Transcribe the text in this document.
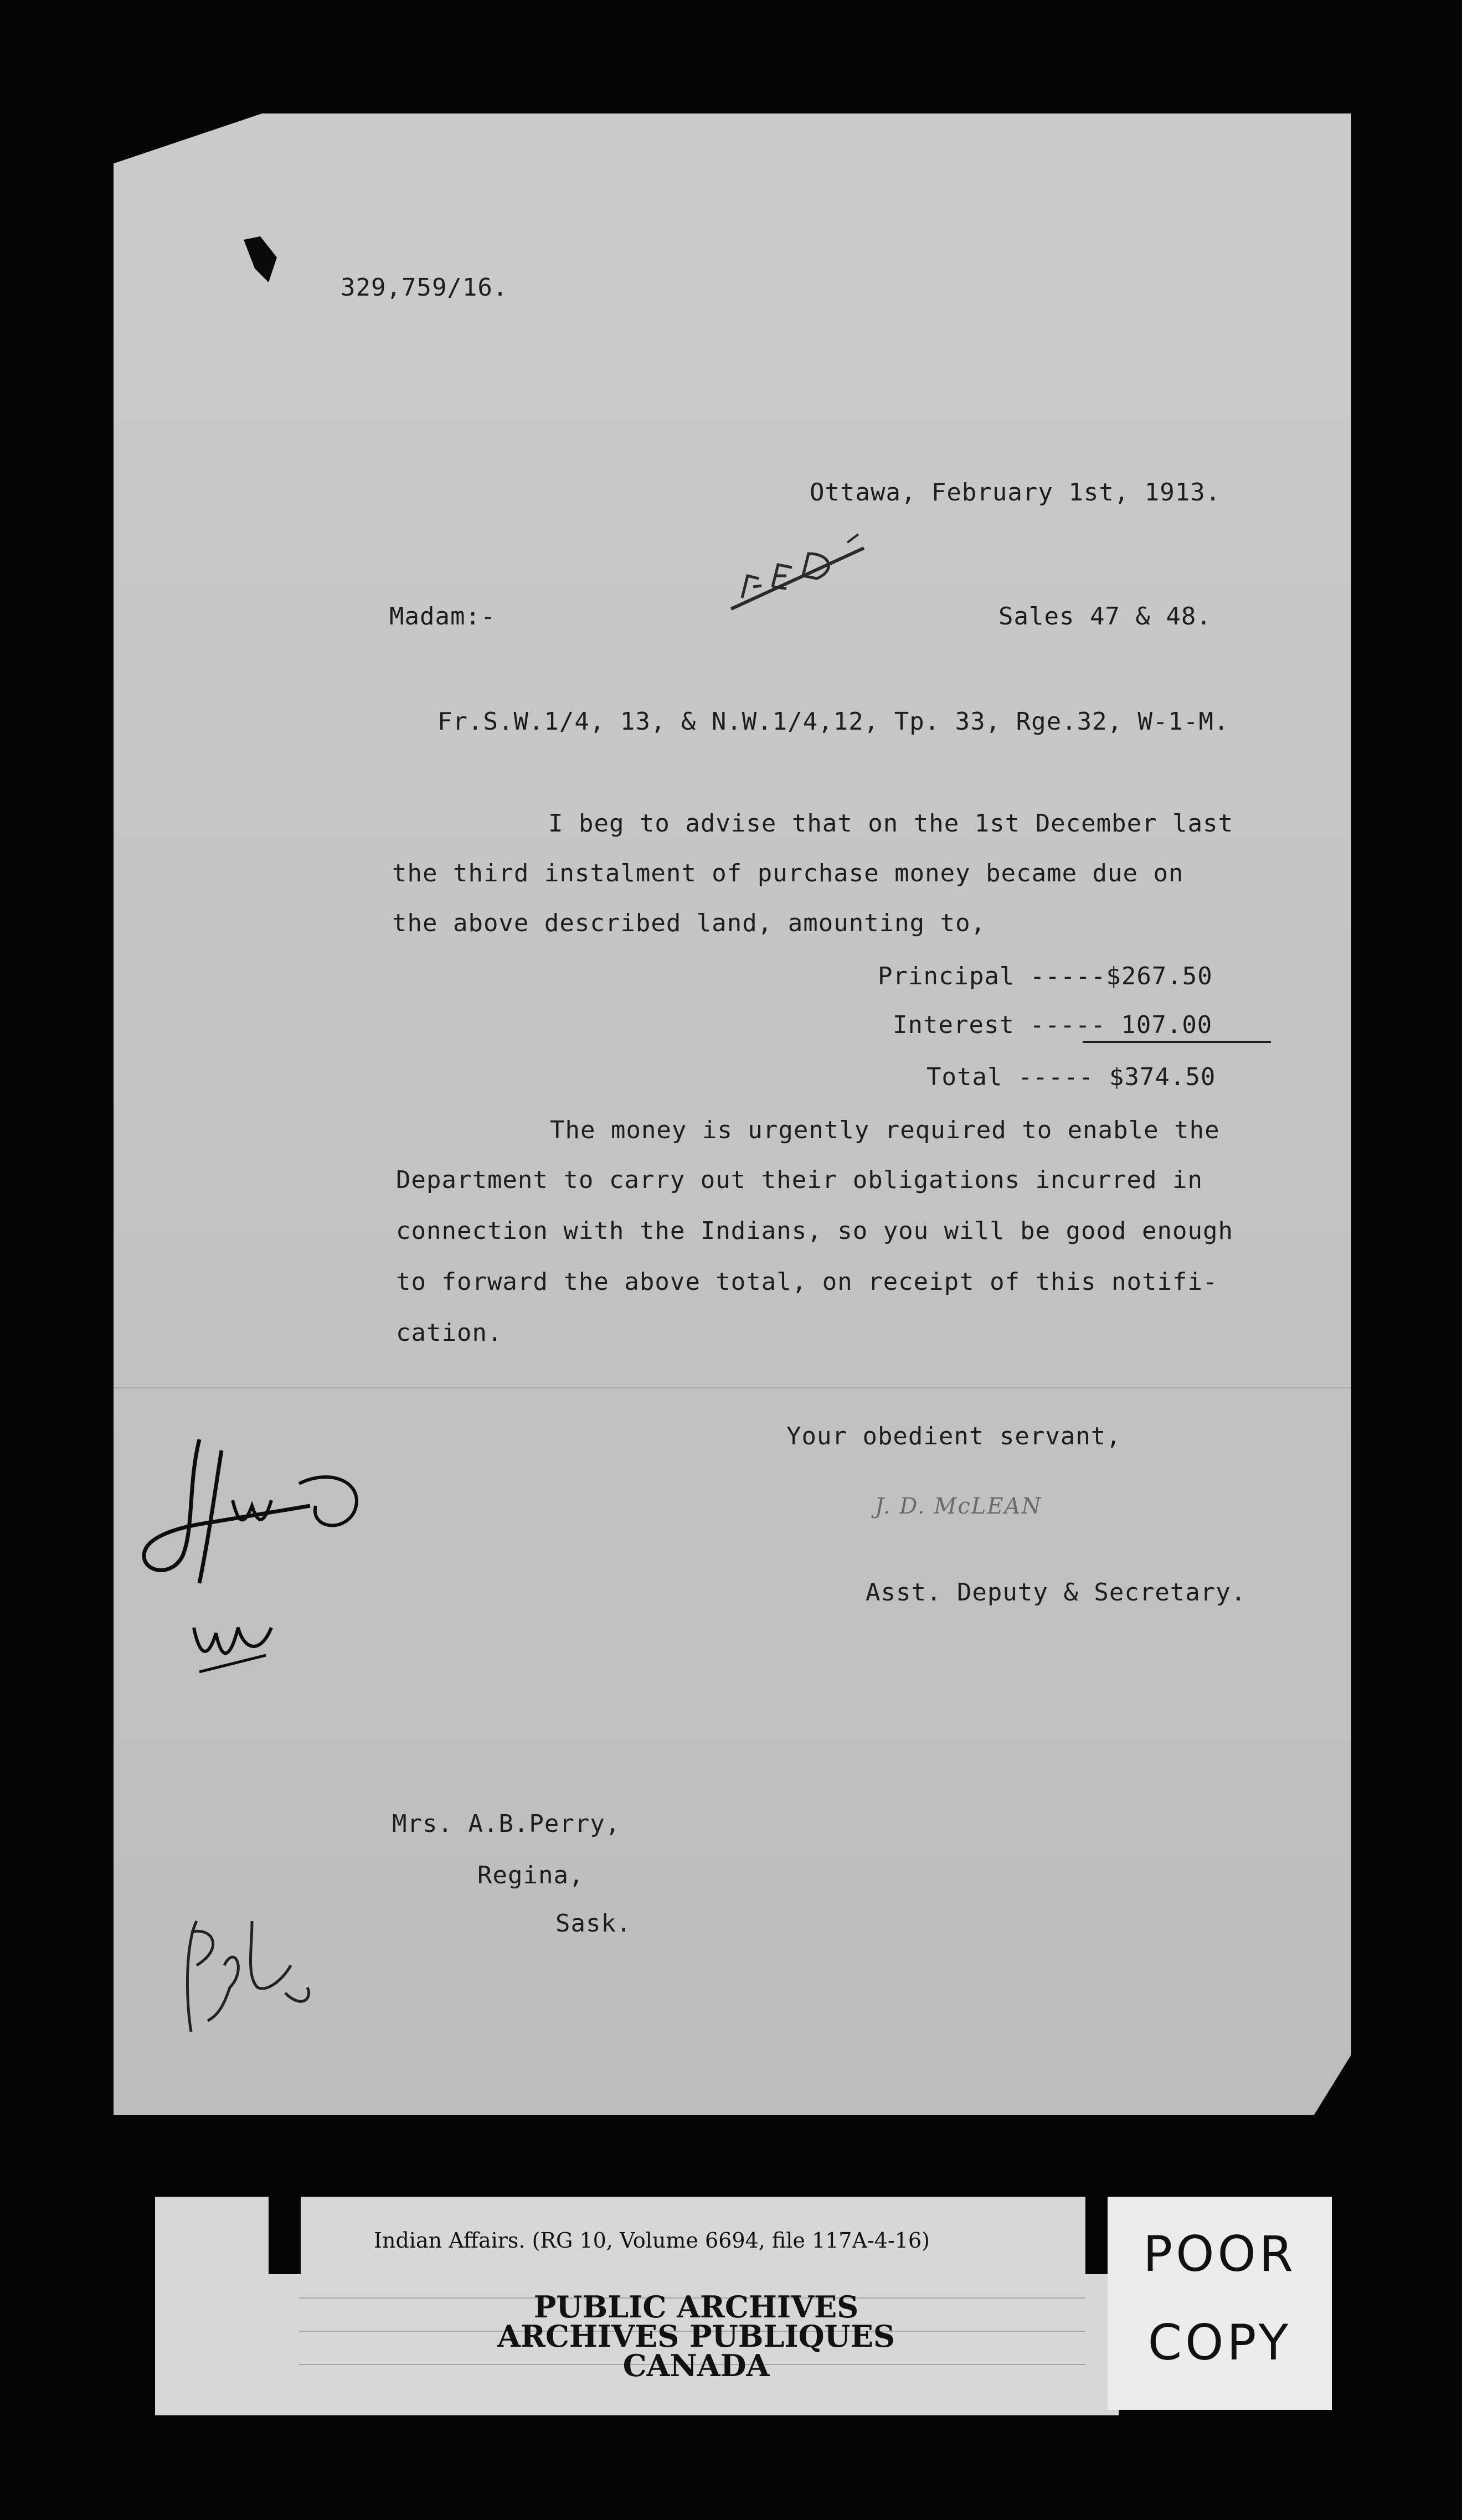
329,759/16.
Ottawa, February 1st, 1913.
Madam:-	Sales 47 & 48.
Fr.S.W.1/4, 13, & N.W.1/4,12, Tp. 33, Rge.32, W-1-M.
I beg to advise that on the 1st December last
the third instalment of purchase money became due on
the above described land, amounting to,
Principal -----$267.50
Interest ----- 107.00
Total ----- $374.50
The money is urgently required to enable the
Department to carry out their obligations incurred in
connection with the Indians, so you will be good enough
to forward the above total, on receipt of this notifi-
cation.
Your obedient servant,
J. D. McLEAN
Asst. Deputy & Secretary.
Mrs. A.B.Perry,
Regina,
Sask.
Indian Affairs. (RG 10, Volume 6694, file 117A-4-16)
PUBLIC ARCHIVES
ARCHIVES PUBLIQUES
CANADA
POOR
COPY
